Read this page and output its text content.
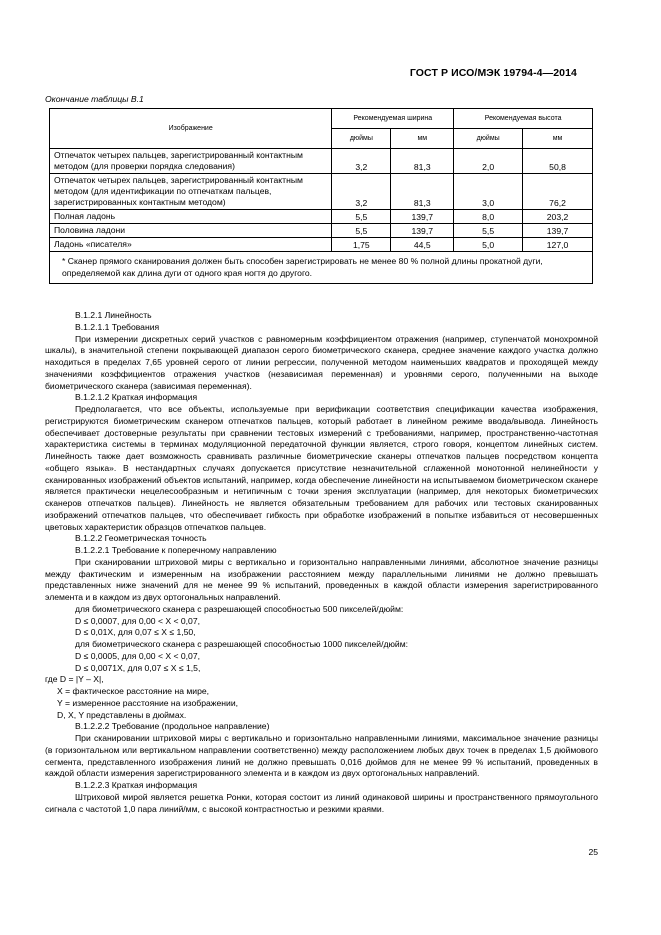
ГОСТ Р ИСО/МЭК 19794-4—2014
Окончание таблицы В.1
Изображение	Рекомендуемая ширина		Рекомендуемая высота	
	дюймы	мм	дюймы	мм
Отпечаток четырех пальцев, зарегистрированный контактным методом (для проверки порядка следования)	3,2	81,3	2,0	50,8
Отпечаток четырех пальцев, зарегистрированный контактным методом (для идентификации по отпечаткам пальцев, зарегистрированных контактным методом)	3,2	81,3	3,0	76,2
Полная ладонь	5,5	139,7	8,0	203,2
Половина ладони	5,5	139,7	5,5	139,7
Ладонь «писателя»	1,75	44,5	5,0	127,0
* Сканер прямого сканирования должен быть способен зарегистрировать не менее 80 % полной длины прокатной дуги, определяемой как длина дуги от одного края ногтя до другого.				

В.1.2.1 Линейность

В.1.2.1.1 Требования

При измерении дискретных серий участков с равномерным коэффициентом отражения (например, ступенчатой монохромной шкалы), в значительной степени покрывающей диапазон серого биометрического сканера, среднее значение каждого участка должно находиться в пределах 7,65 уровней серого от линии регрессии, полученной методом наименьших квадратов и проходящей между значениями коэффициентов отражения участков (независимая переменная) и уровнями серого, полученными на выходе биометрического сканера (зависимая переменная).

В.1.2.1.2 Краткая информация

Предполагается, что все объекты, используемые при верификации соответствия спецификации качества изображения, регистрируются биометрическим сканером отпечатков пальцев, который работает в линейном режиме ввода/вывода. Линейность обеспечивает достоверные результаты при сравнении тестовых измерений с требованиями, например, пространственно-частотная характеристика системы в терминах модуляционной передаточной функции является, строго говоря, концептом линейных систем. Линейность также дает возможность сравнивать различные биометрические сканеры отпечатков пальцев посредством концепта «общего языка». В нестандартных случаях допускается присутствие незначительной сглаженной монотонной нелинейности у сканированных изображений объектов испытаний, например, когда обеспечение линейности на испытываемом биометрическом сканере является практически нецелесообразным и нетипичным с точки зрения эксплуатации (например, для некоторых биометрических сканеров отпечатков пальцев). Линейность не является обязательным требованием для рабочих или тестовых сканированных изображений отпечатков пальцев, что обеспечивает гибкость при обработке изображений в попытке избавиться от несовершенных цветовых характеристик образцов отпечатков пальцев.

В.1.2.2 Геометрическая точность

В.1.2.2.1 Требование к поперечному направлению

При сканировании штриховой миры с вертикально и горизонтально направленными линиями, абсолютное значение разницы между фактическим и измеренным на изображении расстоянием между параллельными линиями не должно превышать представленных ниже значений для не менее 99 % испытаний, проведенных в каждой области измерения зарегистрированного элемента и в каждом из двух ортогональных направлений.

для биометрического сканера с разрешающей способностью 500 пикселей/дюйм:

D ≤ 0,0007, для 0,00 < X < 0,07,

D ≤ 0,01X, для 0,07 ≤ X ≤ 1,50,

для биометрического сканера с разрешающей способностью 1000 пикселей/дюйм:

D ≤ 0,0005, для 0,00 < X < 0,07,

D ≤ 0,0071X, для 0,07 ≤ X ≤ 1,5,

где D = |Y – X|,

X = фактическое расстояние на мире,

Y = измеренное расстояние на изображении,

D, X, Y представлены в дюймах.

В.1.2.2.2 Требование (продольное направление)

При сканировании штриховой миры с вертикально и горизонтально направленными линиями, максимальное значение разницы (в горизонтальном или вертикальном направлении соответственно) между расположением любых двух точек в пределах 1,5 дюймового сегмента, представленного изображения линий не должно превышать 0,016 дюймов для не менее 99 % испытаний, проведенных в каждой области измерения зарегистрированного элемента и в каждом из двух ортогональных направлений.

В.1.2.2.3 Краткая информация

Штриховой мирой является решетка Ронки, которая состоит из линий одинаковой ширины и пространственного прямоугольного сигнала с частотой 1,0 пара линий/мм, с высокой контрастностью и резкими краями.

25
